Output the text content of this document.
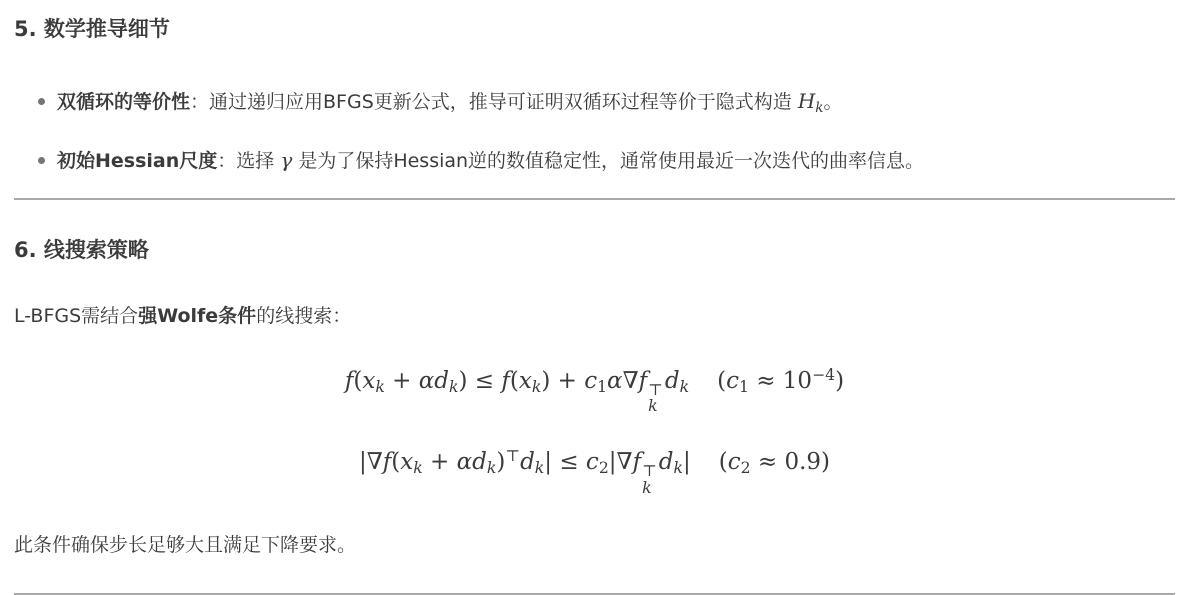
5. 数学推导细节
双循环的等价性：通过递归应用BFGS更新公式，推导可证明双循环过程等价于隐式构造 Hk。
初始Hessian尺度：选择 γ 是为了保持Hessian逆的数值稳定性，通常使用最近一次迭代的曲率信息。
6. 线搜索策略

L-BFGS需结合强Wolfe条件的线搜索：

f(xk + αdk) ≤ f(xk) + c1α∇f ⊤
k
dk $(c1 \approx 10^{-4})$
|∇f(xk + αdk)⊤dk| ≤ c2|∇f ⊤
k
dk| (c2 ≈ 0.9)

此条件确保步长足够大且满足下降要求。
